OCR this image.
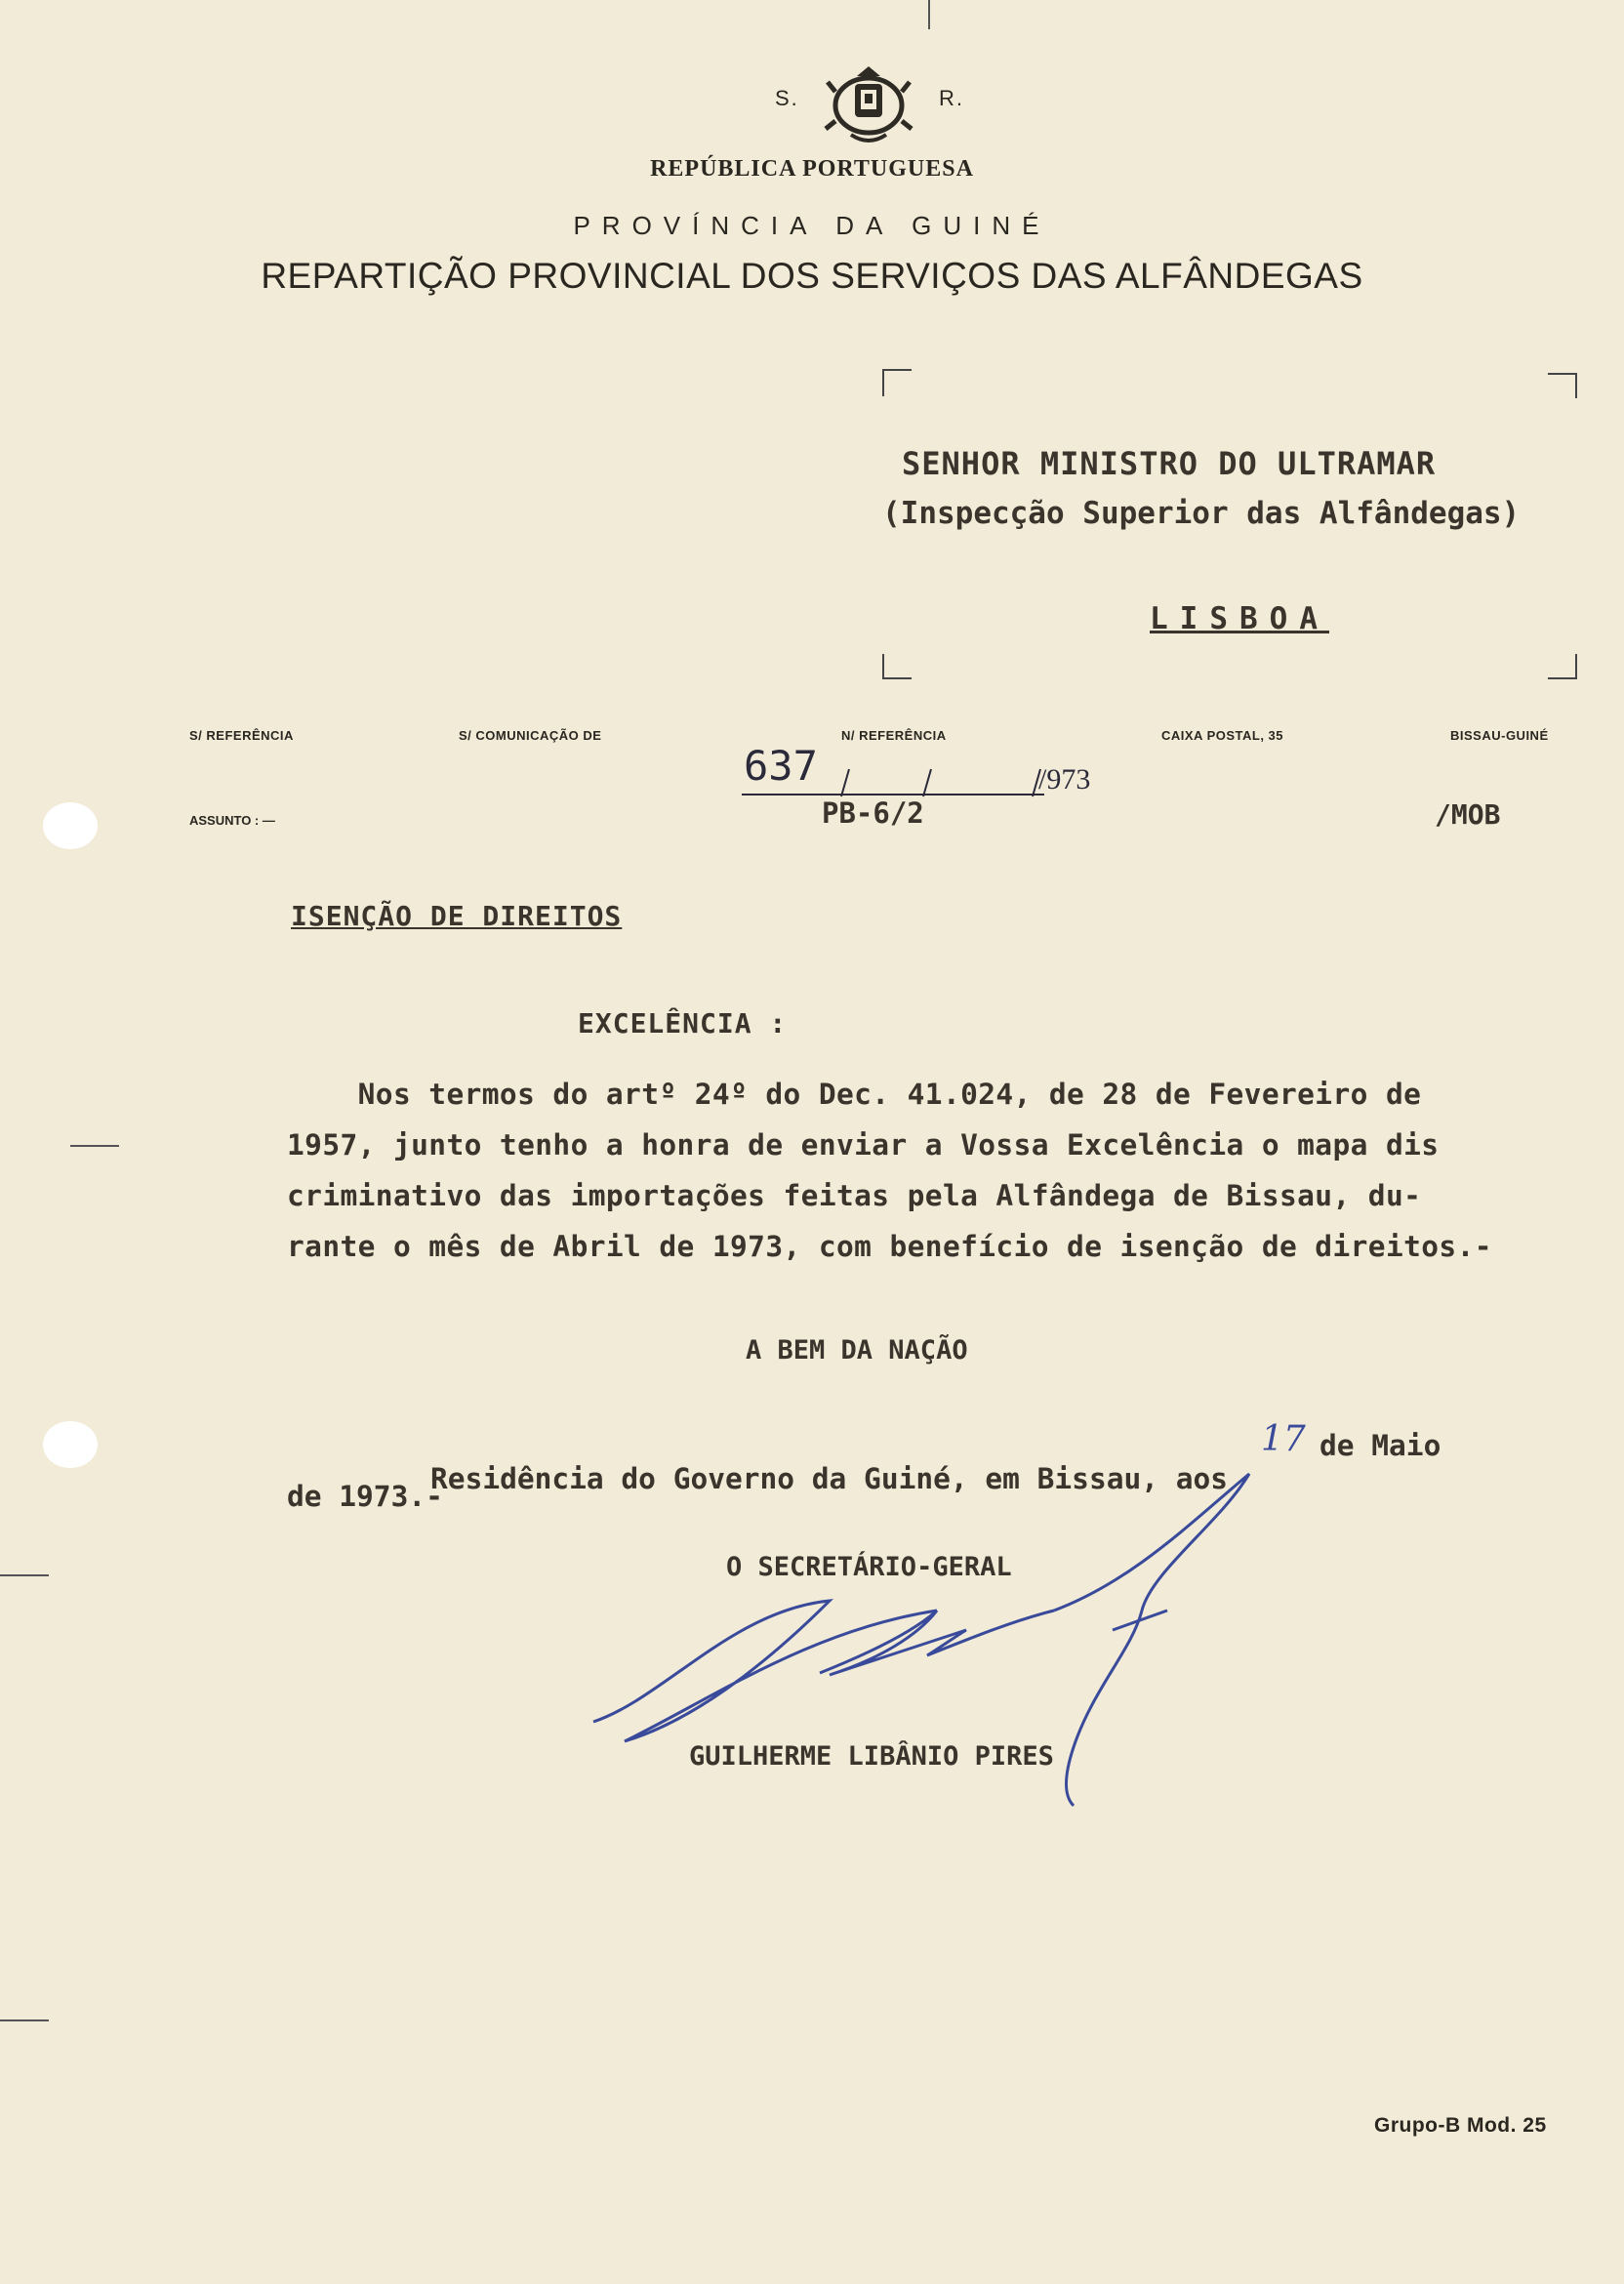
S.	R.
REPÚBLICA PORTUGUESA
PROVÍNCIA DA GUINÉ
REPARTIÇÃO PROVINCIAL DOS SERVIÇOS DAS ALFÂNDEGAS
SENHOR MINISTRO DO ULTRAMAR
(Inspecção Superior das Alfândegas)
LISBOA
S/ REFERÊNCIA	S/ COMUNICAÇÃO DE	N/ REFERÊNCIA	CAIXA POSTAL, 35	BISSAU-GUINÉ
ASSUNTO : —
637	/973
PB-6/2	/MOB
ISENÇÃO DE DIREITOS
EXCELÊNCIA :
Nos termos do artº 24º do Dec. 41.024, de 28 de Fevereiro de
1957, junto tenho a honra de enviar a Vossa Excelência o mapa dis
criminativo das importações feitas pela Alfândega de Bissau, du-
rante o mês de Abril de 1973, com benefício de isenção de direitos.-
A BEM DA NAÇÃO

Residência do Governo da Guiné, em Bissau, aos

17 de Maio
de 1973.-
O SECRETÁRIO-GERAL
GUILHERME LIBÂNIO PIRES
Grupo-B Mod. 25
